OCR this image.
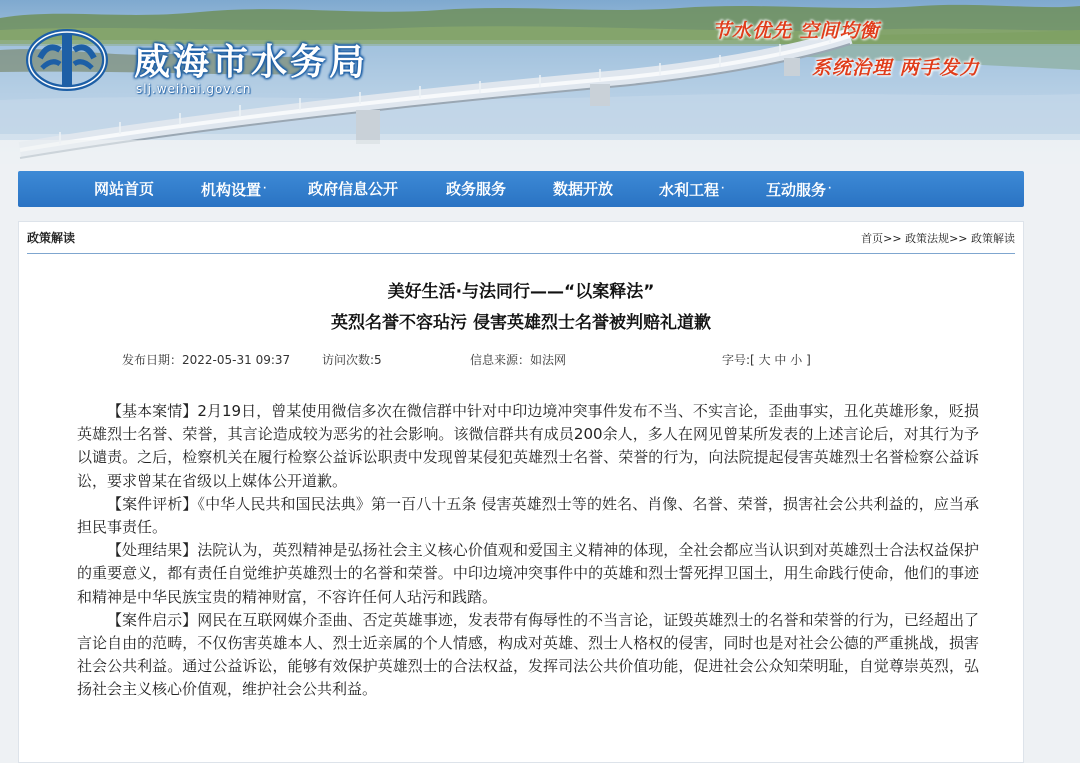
威海市水务局
slj.weihai.gov.cn
节水优先 空间均衡
系统治理 两手发力
网站首页	机构设置 ·	政府信息公开	政务服务	数据开放	水利工程 ·	互动服务 ·
政策解读	首页>> 政策法规>> 政策解读
美好生活·与法同行——“以案释法”
英烈名誉不容玷污 侵害英雄烈士名誉被判赔礼道歉
发布日期：2022-05-31 09:37	访问次数:5	信息来源：如法网	字号:[ 大 中 小 ]

【基本案情】2月19日，曾某使用微信多次在微信群中针对中印边境冲突事件发布不当、不实言论，歪曲事实，丑化英雄形象，贬损英雄烈士名誉、荣誉，其言论造成较为恶劣的社会影响。该微信群共有成员200余人，多人在网见曾某所发表的上述言论后，对其行为予以谴责。之后，检察机关在履行检察公益诉讼职责中发现曾某侵犯英雄烈士名誉、荣誉的行为，向法院提起侵害英雄烈士名誉检察公益诉讼，要求曾某在省级以上媒体公开道歉。

【案件评析】《中华人民共和国民法典》第一百八十五条 侵害英雄烈士等的姓名、肖像、名誉、荣誉，损害社会公共利益的，应当承担民事责任。

【处理结果】法院认为，英烈精神是弘扬社会主义核心价值观和爱国主义精神的体现，全社会都应当认识到对英雄烈士合法权益保护的重要意义，都有责任自觉维护英雄烈士的名誉和荣誉。中印边境冲突事件中的英雄和烈士誓死捍卫国土，用生命践行使命，他们的事迹和精神是中华民族宝贵的精神财富，不容许任何人玷污和践踏。

【案件启示】网民在互联网媒介歪曲、否定英雄事迹，发表带有侮辱性的不当言论，证毁英雄烈士的名誉和荣誉的行为，已经超出了言论自由的范畴，不仅伤害英雄本人、烈士近亲属的个人情感，构成对英雄、烈士人格权的侵害，同时也是对社会公德的严重挑战，损害社会公共利益。通过公益诉讼，能够有效保护英雄烈士的合法权益，发挥司法公共价值功能，促进社会公众知荣明耻，自觉尊崇英烈，弘扬社会主义核心价值观，维护社会公共利益。
